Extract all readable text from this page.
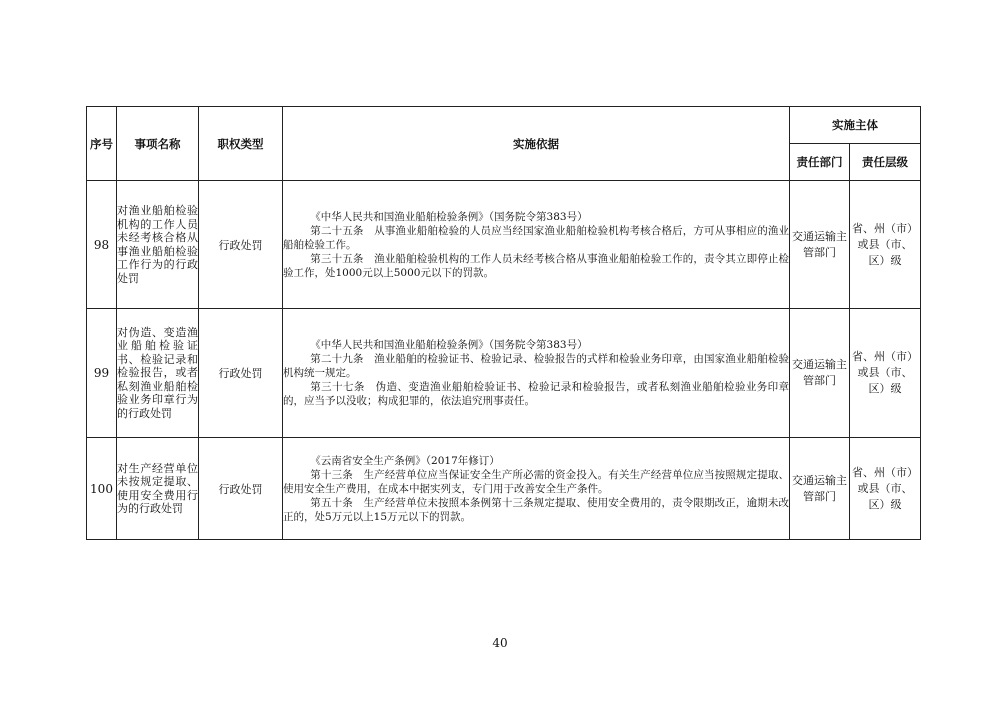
序号	事项名称	职权类型	实施依据	实施主体	
				责任部门	责任层级
98	对渔业船舶检验机构的工作人员未经考核合格从事渔业船舶检验工作行为的行政处罚	行政处罚	《中华人民共和国渔业船舶检验条例》（国务院令第383号）

第二十五条　从事渔业船舶检验的人员应当经国家渔业船舶检验机构考核合格后，方可从事相应的渔业船舶检验工作。

第三十五条　渔业船舶检验机构的工作人员未经考核合格从事渔业船舶检验工作的，责令其立即停止检验工作，处1000元以上5000元以下的罚款。	交通运输主管部门	省、州（市）或县（市、区）级
99	对伪造、变造渔业船舶检验证书、检验记录和检验报告，或者私刻渔业船舶检验业务印章行为的行政处罚	行政处罚	《中华人民共和国渔业船舶检验条例》（国务院令第383号）

第二十九条　渔业船舶的检验证书、检验记录、检验报告的式样和检验业务印章，由国家渔业船舶检验机构统一规定。

第三十七条　伪造、变造渔业船舶检验证书、检验记录和检验报告，或者私刻渔业船舶检验业务印章的，应当予以没收；构成犯罪的，依法追究刑事责任。	交通运输主管部门	省、州（市）或县（市、区）级
100	对生产经营单位未按规定提取、使用安全费用行为的行政处罚	行政处罚	《云南省安全生产条例》（2017年修订）

第十三条　生产经营单位应当保证安全生产所必需的资金投入。有关生产经营单位应当按照规定提取、使用安全生产费用，在成本中据实列支，专门用于改善安全生产条件。

第五十条　生产经营单位未按照本条例第十三条规定提取、使用安全费用的，责令限期改正，逾期未改正的，处5万元以上15万元以下的罚款。	交通运输主管部门	省、州（市）或县（市、区）级
40
